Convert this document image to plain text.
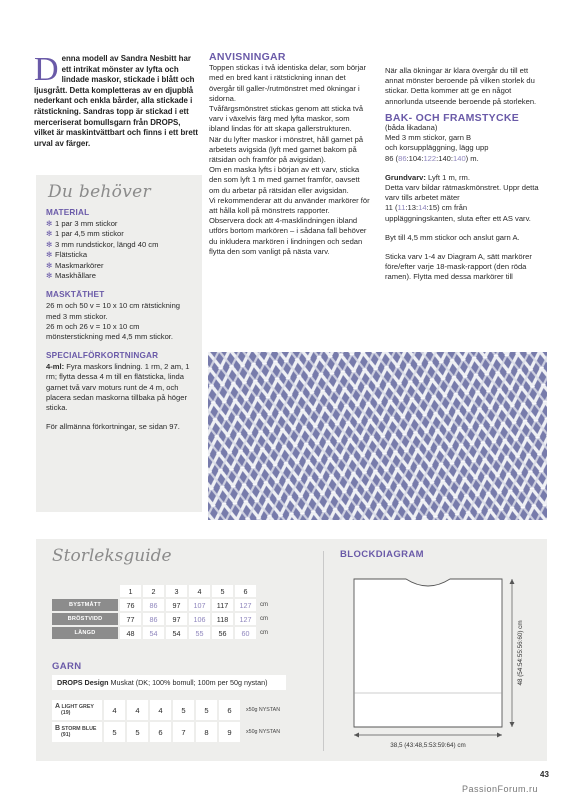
Denna modell av Sandra Nesbitt har ett intrikat mönster av lyfta och lindade maskor, stickade i blått och ljusgrått. Detta kompletteras av en djupblå nederkant och enkla bårder, alla stickade i rätstickning. Sandras topp är stickad i ett merceriserat bomullsgarn från DROPS, vilket är maskintvättbart och finns i ett brett urval av färger.
Du behöver
MATERIAL
✻ 1 par 3 mm stickor
✻ 1 par 4,5 mm stickor
✻ 3 mm rundstickor, längd 40 cm
✻ Flätsticka
✻ Maskmarkörer
✻ Maskhållare
MASKTÄTHET

26 m och 50 v = 10 x 10 cm rätstickning med 3 mm stickor.

26 m och 26 v = 10 x 10 cm mönsterstickning med 4,5 mm stickor.

SPECIALFÖRKORTNINGAR

4-ml: Fyra maskors lindning. 1 rm, 2 am, 1 rm; flytta dessa 4 m till en flätsticka, linda garnet två varv moturs runt de 4 m, och placera sedan maskorna tillbaka på höger sticka.

För allmänna förkortningar, se sidan 97.

ANVISNINGAR

Toppen stickas i två identiska delar, som börjar med en bred kant i rätstickning innan det övergår till galler-/rutmönstret med ökningar i sidorna.

Tvåfärgsmönstret stickas genom att sticka två varv i växelvis färg med lyfta maskor, som ibland lindas för att skapa gallerstrukturen.

När du lyfter maskor i mönstret, håll garnet på arbetets avigsida (lyft med garnet bakom på rätsidan och framför på avigsidan).

Om en maska lyfts i början av ett varv, sticka den som lyft 1 m med garnet framför, oavsett om du arbetar på rätsidan eller avigsidan.

Vi rekommenderar att du använder markörer för att hålla koll på mönstrets rapporter.

Observera dock att 4-masklindningen ibland utförs bortom markören – i sådana fall behöver du inkludera markören i lindningen och sedan flytta den som vanligt på nästa varv.

När alla ökningar är klara övergår du till ett annat mönster beroende på vilken storlek du stickar. Detta kommer att ge en något annorlunda utseende beroende på storleken.

BAK- OCH FRAMSTYCKE

(båda likadana)

Med 3 mm stickor, garn B

och korsuppläggning, lägg upp

86 (86:104:122:140:140) m.

Grundvarv: Lyft 1 m, rm.

Detta varv bildar rätmaskmönstret. Uppr detta varv tills arbetet mäter

11 (11:13:14:15) cm från

uppläggningskanten, sluta efter ett AS varv.

Byt till 4,5 mm stickor och anslut garn A.

Sticka varv 1-4 av Diagram A, sätt markörer före/efter varje 18-mask-rapport (den röda ramen). Flytta med dessa markörer till

Storleksguide
	1	2	3	4	5	6	
BYSTMÅTT	76	86	97	107	117	127	cm
BRÖSTVIDD	77	86	97	106	118	127	cm
LÄNGD	48	54	54	55	56	60	cm
GARN
DROPS Design Muskat (DK; 100% bomull; 100m per 50g nystan)
A LIGHT GREY
(19)	4	4	4	5	5	6	x50g NYSTAN
B STORM BLUE
(91)	5	5	6	7	8	9	x50g NYSTAN
BLOCKDIAGRAM
38,5 (43:48,5:53:59:64) cm
48 (54:54:55:56:60) cm
43
PassionForum.ru
